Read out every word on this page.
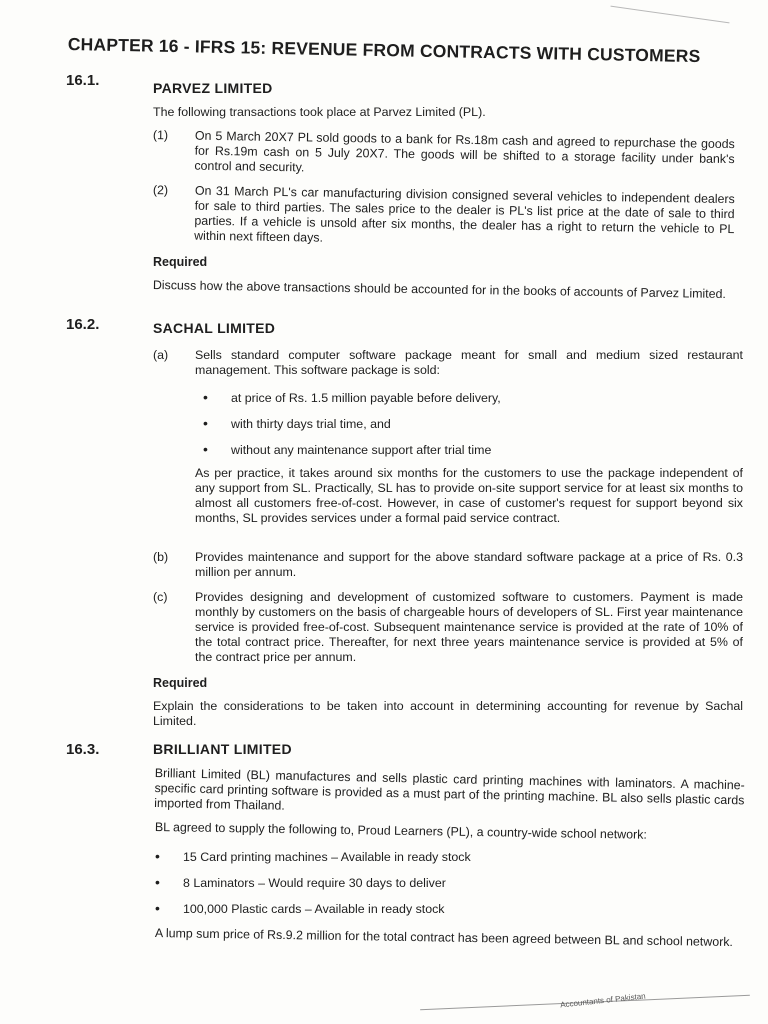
CHAPTER 16 - IFRS 15: REVENUE FROM CONTRACTS WITH CUSTOMERS
16.1.	PARVEZ LIMITED
The following transactions took place at Parvez Limited (PL).
(1) On 5 March 20X7 PL sold goods to a bank for Rs.18m cash and agreed to repurchase the goods for Rs.19m cash on 5 July 20X7. The goods will be shifted to a storage facility under bank's control and security.
(2) On 31 March PL's car manufacturing division consigned several vehicles to independent dealers for sale to third parties. The sales price to the dealer is PL's list price at the date of sale to third parties. If a vehicle is unsold after six months, the dealer has a right to return the vehicle to PL within next fifteen days.
Required
Discuss how the above transactions should be accounted for in the books of accounts of Parvez Limited.
16.2.	SACHAL LIMITED
(a) Sells standard computer software package meant for small and medium sized restaurant management. This software package is sold:
• at price of Rs. 1.5 million payable before delivery,
• with thirty days trial time, and
• without any maintenance support after trial time
As per practice, it takes around six months for the customers to use the package independent of any support from SL. Practically, SL has to provide on-site support service for at least six months to almost all customers free-of-cost. However, in case of customer's request for support beyond six months, SL provides services under a formal paid service contract.
(b) Provides maintenance and support for the above standard software package at a price of Rs. 0.3 million per annum.
(c) Provides designing and development of customized software to customers. Payment is made monthly by customers on the basis of chargeable hours of developers of SL. First year maintenance service is provided free-of-cost. Subsequent maintenance service is provided at the rate of 10% of the total contract price. Thereafter, for next three years maintenance service is provided at 5% of the contract price per annum.
Required
Explain the considerations to be taken into account in determining accounting for revenue by Sachal Limited.
16.3.	BRILLIANT LIMITED
Brilliant Limited (BL) manufactures and sells plastic card printing machines with laminators. A machine-specific card printing software is provided as a must part of the printing machine. BL also sells plastic cards imported from Thailand.
BL agreed to supply the following to, Proud Learners (PL), a country-wide school network:
• 15 Card printing machines – Available in ready stock
• 8 Laminators – Would require 30 days to deliver
• 100,000 Plastic cards – Available in ready stock
A lump sum price of Rs.9.2 million for the total contract has been agreed between BL and school network.
Accountants of Pakistan
